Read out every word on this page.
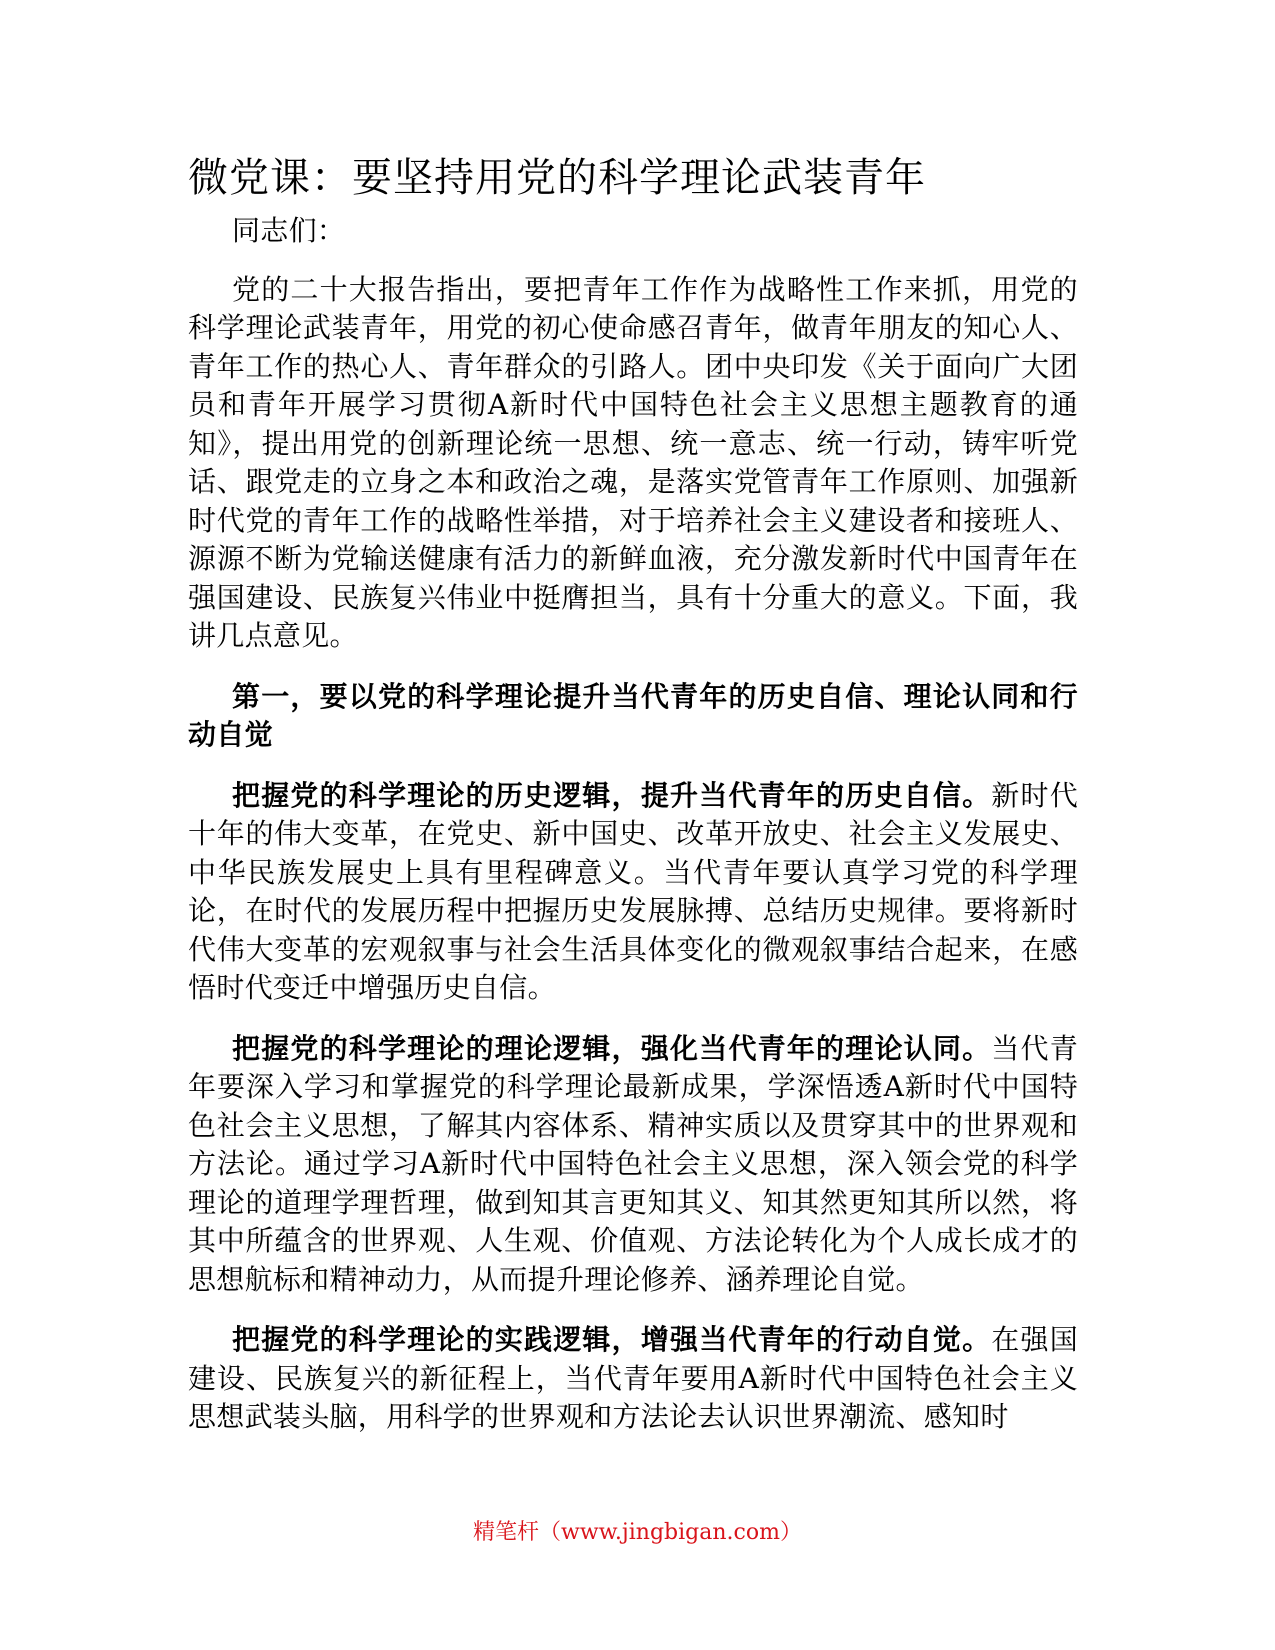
微党课：要坚持用党的科学理论武装青年

同志们：

党的二十大报告指出，要把青年工作作为战略性工作来抓，用党的科学理论武装青年，用党的初心使命感召青年，做青年朋友的知心人、青年工作的热心人、青年群众的引路人。团中央印发《关于面向广大团员和青年开展学习贯彻A新时代中国特色社会主义思想主题教育的通知》，提出用党的创新理论统一思想、统一意志、统一行动，铸牢听党话、跟党走的立身之本和政治之魂，是落实党管青年工作原则、加强新时代党的青年工作的战略性举措，对于培养社会主义建设者和接班人、源源不断为党输送健康有活力的新鲜血液，充分激发新时代中国青年在强国建设、民族复兴伟业中挺膺担当，具有十分重大的意义。下面，我讲几点意见。

第一，要以党的科学理论提升当代青年的历史自信、理论认同和行动自觉

把握党的科学理论的历史逻辑，提升当代青年的历史自信。新时代十年的伟大变革，在党史、新中国史、改革开放史、社会主义发展史、中华民族发展史上具有里程碑意义。当代青年要认真学习党的科学理论，在时代的发展历程中把握历史发展脉搏、总结历史规律。要将新时代伟大变革的宏观叙事与社会生活具体变化的微观叙事结合起来，在感悟时代变迁中增强历史自信。

把握党的科学理论的理论逻辑，强化当代青年的理论认同。当代青年要深入学习和掌握党的科学理论最新成果，学深悟透A新时代中国特色社会主义思想，了解其内容体系、精神实质以及贯穿其中的世界观和方法论。通过学习A新时代中国特色社会主义思想，深入领会党的科学理论的道理学理哲理，做到知其言更知其义、知其然更知其所以然，将其中所蕴含的世界观、人生观、价值观、方法论转化为个人成长成才的思想航标和精神动力，从而提升理论修养、涵养理论自觉。

把握党的科学理论的实践逻辑，增强当代青年的行动自觉。在强国建设、民族复兴的新征程上，当代青年要用A新时代中国特色社会主义思想武装头脑，用科学的世界观和方法论去认识世界潮流、感知时

精笔杆（www.jingbigan.com）
